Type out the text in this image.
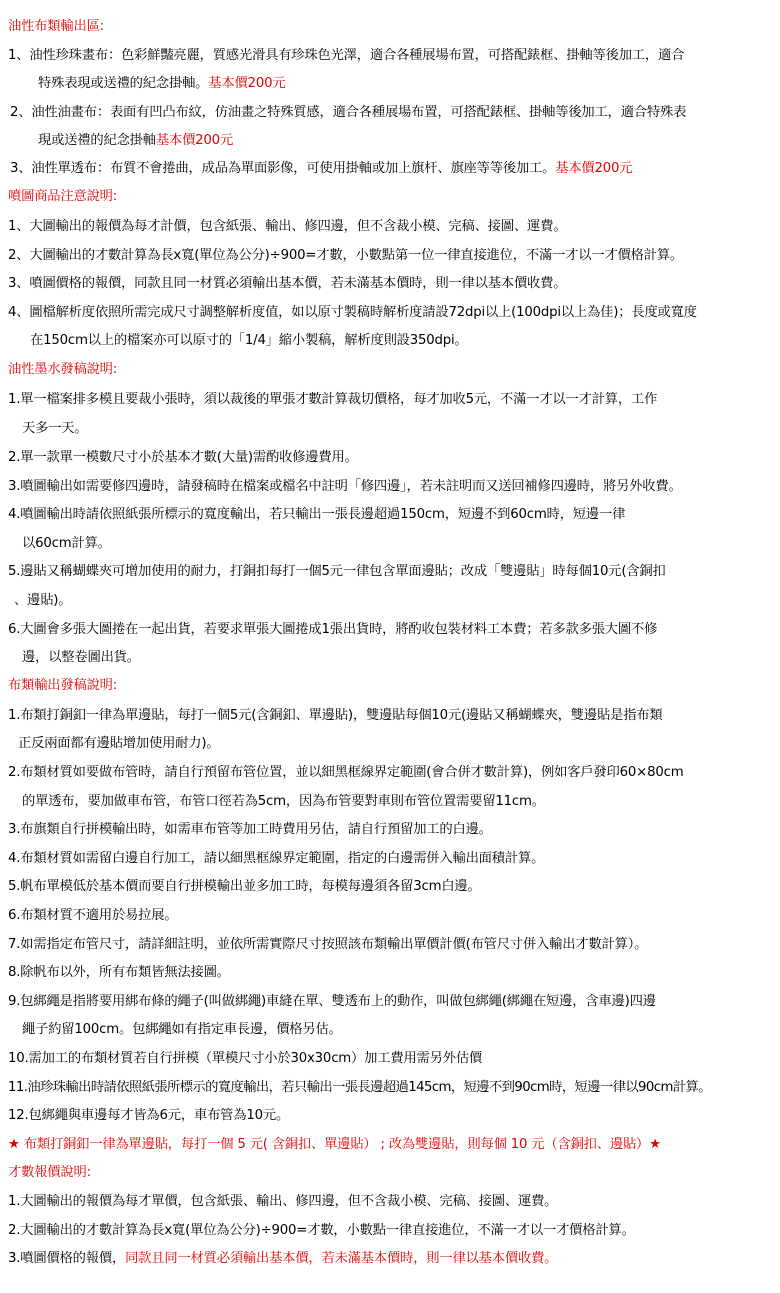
油性布類輸出區:
1、油性珍珠畫布：色彩鮮豔亮麗，質感光滑具有珍珠色光澤，適合各種展場布置，可搭配錶框、掛軸等後加工，適合
特殊表現或送禮的紀念掛軸。基本價200元
2、油性油畫布：表面有凹凸布紋，仿油畫之特殊質感，適合各種展場布置，可搭配錶框、掛軸等後加工，適合特殊表
現或送禮的紀念掛軸基本價200元
3、油性單透布：布質不會捲曲，成品為單面影像，可使用掛軸或加上旗杆、旗座等等後加工。基本價200元
噴圖商品注意說明:
1、大圖輸出的報價為每才計價，包含紙張、輸出、修四邊，但不含裁小模、完稿、接圖、運費。
2、大圖輸出的才數計算為長x寬(單位為公分)÷900=才數，小數點第一位一律直接進位，不滿一才以一才價格計算。
3、噴圖價格的報價，同款且同一材質必須輸出基本價，若未滿基本價時，則一律以基本價收費。
4、圖檔解析度依照所需完成尺寸調整解析度值，如以原寸製稿時解析度請設72dpi以上(100dpi以上為佳)；長度或寬度
在150cm以上的檔案亦可以原寸的「1/4」縮小製稿，解析度則設350dpi。
油性墨水發稿說明:
1.單一檔案排多模且要裁小張時，須以裁後的單張才數計算裁切價格，每才加收5元，不滿一才以一才計算，工作
天多一天。
2.單一款單一模數尺寸小於基本才數(大量)需酌收修邊費用。
3.噴圖輸出如需要修四邊時，請發稿時在檔案或檔名中註明「修四邊」，若未註明而又送回補修四邊時，將另外收費。
4.噴圖輸出時請依照紙張所標示的寬度輸出，若只輸出一張長邊超過150cm，短邊不到60cm時，短邊一律
以60cm計算。
5.邊貼又稱蝴蝶夾可增加使用的耐力，打銅扣每打一個5元一律包含單面邊貼；改成「雙邊貼」時每個10元(含銅扣
、邊貼)。
6.大圖會多張大圖捲在一起出貨，若要求單張大圖捲成1張出貨時，將酌收包裝材料工本費；若多款多張大圖不修
邊，以整卷圖出貨。
布類輸出發稿說明:
1.布類打銅釦一律為單邊貼，每打一個5元(含銅釦、單邊貼)，雙邊貼每個10元(邊貼又稱蝴蝶夾，雙邊貼是指布類
正反兩面都有邊貼增加使用耐力)。
2.布類材質如要做布管時，請自行預留布管位置，並以細黑框線界定範圍(會合併才數計算)，例如客戶發印60×80cm
的單透布，要加做車布管，布管口徑若為5cm，因為布管要對車則布管位置需要留11cm。
3.布旗類自行拼模輸出時，如需車布管等加工時費用另估，請自行預留加工的白邊。
4.布類材質如需留白邊自行加工，請以細黑框線界定範圍，指定的白邊需併入輸出面積計算。
5.帆布單模低於基本價而要自行拼模輸出並多加工時，每模每邊須各留3cm白邊。
6.布類材質不適用於易拉展。
7.如需指定布管尺寸，請詳細註明，並依所需實際尺寸按照該布類輸出單價計價(布管尺寸併入輸出才數計算）。
8.除帆布以外，所有布類皆無法接圖。
9.包綁繩是指將要用綁布條的繩子(叫做綁繩)車縫在單、雙透布上的動作，叫做包綁繩(綁繩在短邊，含車邊)四邊
繩子約留100cm。包綁繩如有指定車長邊，價格另估。
10.需加工的布類材質若自行拼模（單模尺寸小於30x30cm）加工費用需另外估價
11.油珍珠輸出時請依照紙張所標示的寬度輸出，若只輸出一張長邊超過145cm，短邊不到90cm時，短邊一律以90cm計算。
12.包綁繩與車邊每才皆為6元，車布管為10元。
★ 布類打銅釦一律為單邊貼，每打一個 5 元( 含銅扣、單邊貼） ; 改為雙邊貼，則每個 10 元（含銅扣、邊貼）★
才數報價說明:
1.大圖輸出的報價為每才單價，包含紙張、輸出、修四邊，但不含裁小模、完稿、接圖、運費。
2.大圖輸出的才數計算為長x寬(單位為公分)÷900=才數，小數點一律直接進位，不滿一才以一才價格計算。
3.噴圖價格的報價，同款且同一材質必須輸出基本價，若未滿基本價時，則一律以基本價收費。
